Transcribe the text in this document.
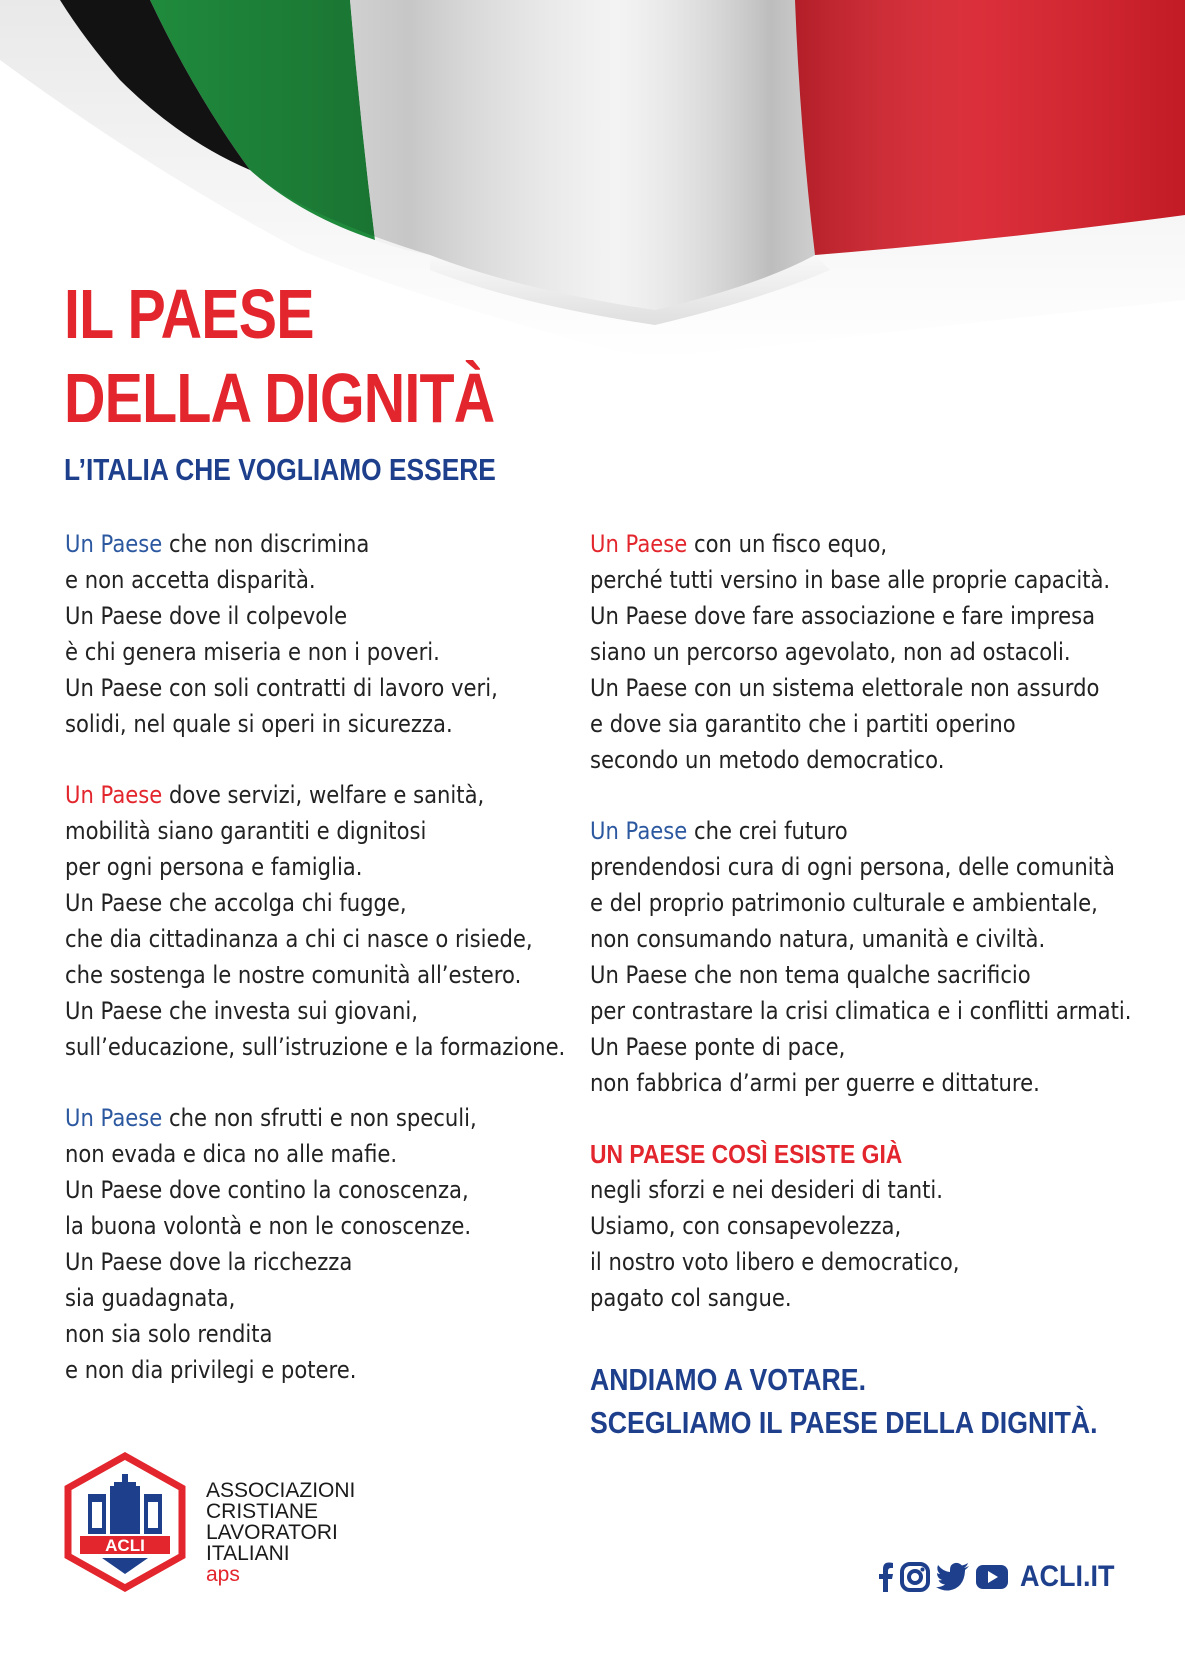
IL PAESE
DELLA DIGNITÀ
L’ITALIA CHE VOGLIAMO ESSERE
Un Paese che non discrimina
e non accetta disparità.
Un Paese dove il colpevole
è chi genera miseria e non i poveri.
Un Paese con soli contratti di lavoro veri,
solidi, nel quale si operi in sicurezza.
Un Paese dove servizi, welfare e sanità,
mobilità siano garantiti e dignitosi
per ogni persona e famiglia.
Un Paese che accolga chi fugge,
che dia cittadinanza a chi ci nasce o risiede,
che sostenga le nostre comunità all’estero.
Un Paese che investa sui giovani,
sull’educazione, sull’istruzione e la formazione.
Un Paese che non sfrutti e non speculi,
non evada e dica no alle mafie.
Un Paese dove contino la conoscenza,
la buona volontà e non le conoscenze.
Un Paese dove la ricchezza
sia guadagnata,
non sia solo rendita
e non dia privilegi e potere.
Un Paese con un fisco equo,
perché tutti versino in base alle proprie capacità.
Un Paese dove fare associazione e fare impresa
siano un percorso agevolato, non ad ostacoli.
Un Paese con un sistema elettorale non assurdo
e dove sia garantito che i partiti operino
secondo un metodo democratico.
Un Paese che crei futuro
prendendosi cura di ogni persona, delle comunità
e del proprio patrimonio culturale e ambientale,
non consumando natura, umanità e civiltà.
Un Paese che non tema qualche sacrificio
per contrastare la crisi climatica e i conflitti armati.
Un Paese ponte di pace,
non fabbrica d’armi per guerre e dittature.
UN PAESE COSÌ ESISTE GIÀ
negli sforzi e nei desideri di tanti.
Usiamo, con consapevolezza,
il nostro voto libero e democratico,
pagato col sangue.
ANDIAMO A VOTARE.
SCEGLIAMO IL PAESE DELLA DIGNITÀ.
ACLI
ASSOCIAZIONI
CRISTIANE
LAVORATORI
ITALIANI
aps	ACLI.IT
